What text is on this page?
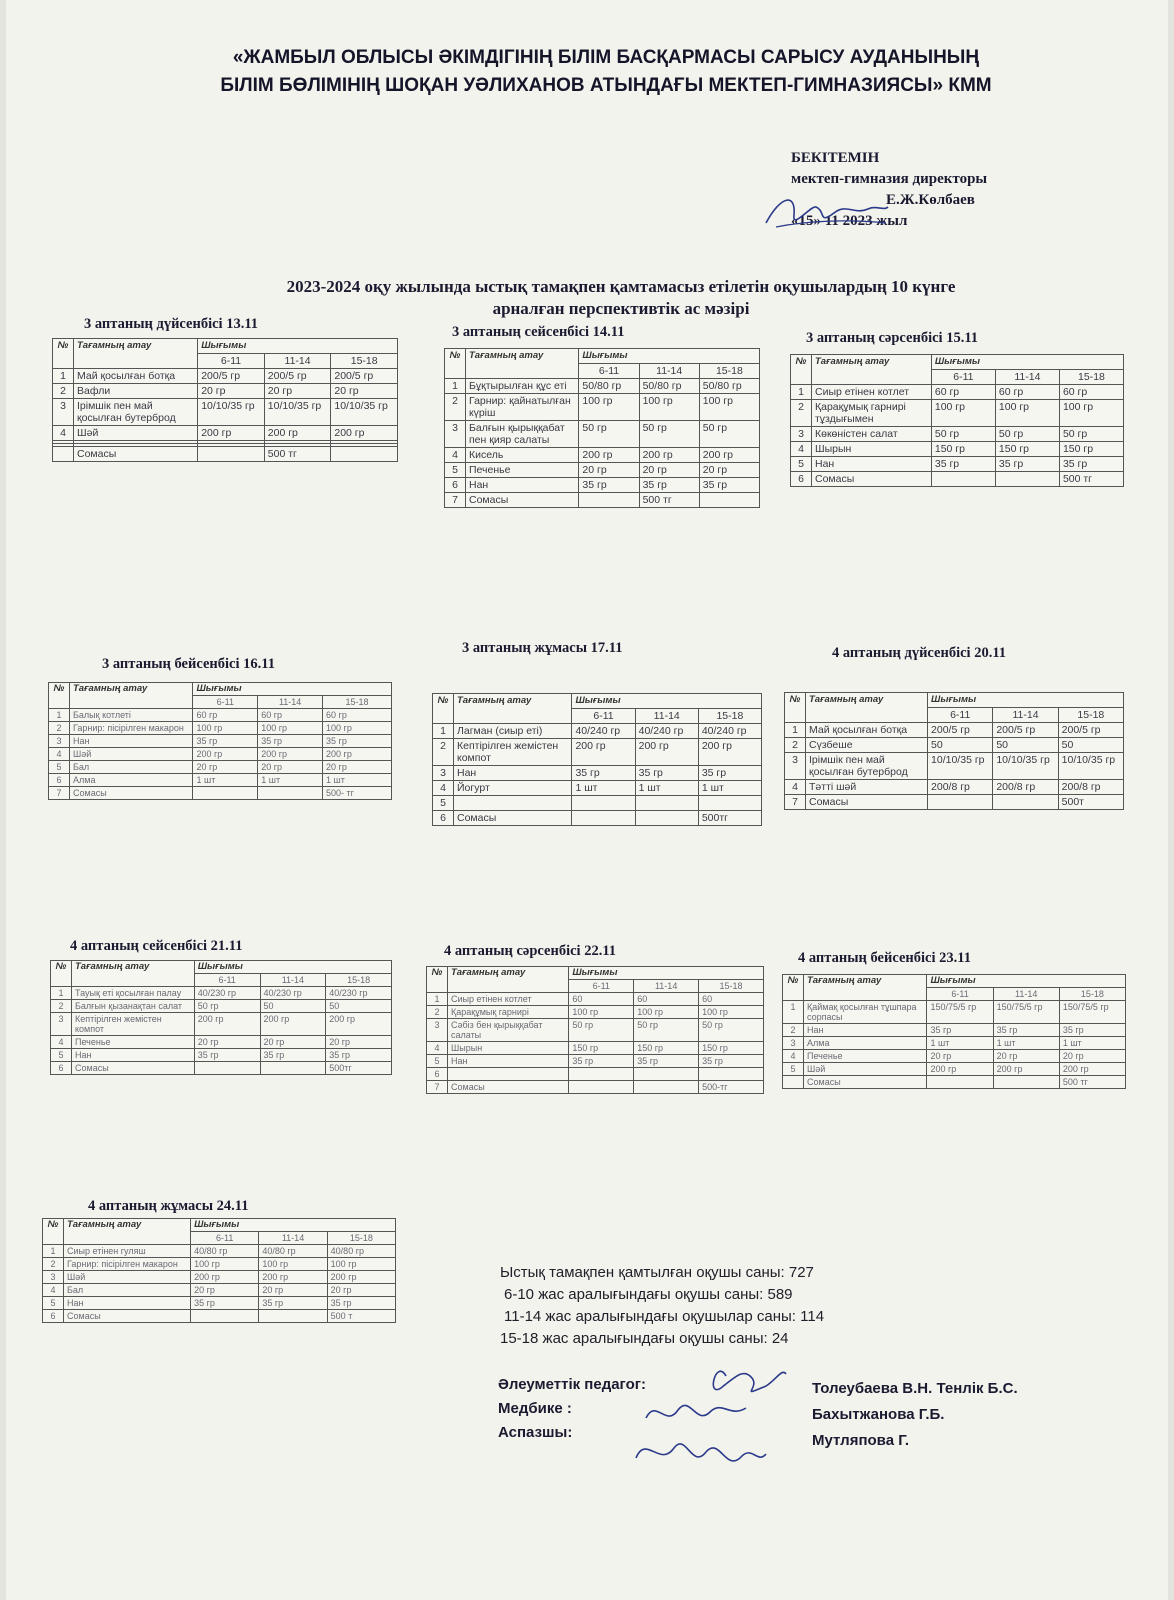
«ЖАМБЫЛ ОБЛЫСЫ ӘКІМДІГІНІҢ БІЛІМ БАСҚАРМАСЫ САРЫСУ АУДАНЫНЫҢ
БІЛІМ БӨЛІМІНІҢ ШОҚАН УӘЛИХАНОВ АТЫНДАҒЫ МЕКТЕП-ГИМНАЗИЯСЫ» КММ
БЕКІТЕМІН
мектеп-гимназия директоры
Е.Ж.Көлбаев
«15» 11 2023 жыл
2023-2024 оқу жылында ыстық тамақпен қамтамасыз етілетін оқушылардың 10 күнге
арналған перспективтік ас мәзірі
3 аптаның дүйсенбісі 13.11	3 аптаның сейсенбісі 14.11	3 аптаның сәрсенбісі 15.11
3 аптаның бейсенбісі 16.11
3 аптаның жұмасы 17.11	4 аптаның дүйсенбісі 20.11
4 аптаның сейсенбісі 21.11	4 аптаның сәрсенбісі 22.11	4 аптаның бейсенбісі 23.11
4 аптаның жұмасы 24.11
№	Тағамның атау	Шығымы		
		6-11	11-14	15-18
1	Май қосылған ботқа	200/5 гр	200/5 гр	200/5 гр
2	Вафли	20 гр	20 гр	20 гр
3	Ірімшік пен май қосылған бутерброд	10/10/35 гр	10/10/35 гр	10/10/35 гр
4	Шәй	200 гр	200 гр	200 гр

	Сомасы		500 тг	
№	Тағамның атау	Шығымы		
		6-11	11-14	15-18
1	Бұқтырылған құс еті	50/80 гр	50/80 гр	50/80 гр
2	Гарнир: қайнатылған күріш	100 гр	100 гр	100 гр
3	Балғын қырыққабат пен қияр салаты	50 гр	50 гр	50 гр
4	Кисель	200 гр	200 гр	200 гр
5	Печенье	20 гр	20 гр	20 гр
6	Нан	35 гр	35 гр	35 гр
7	Сомасы		500 тг	
№	Тағамның атау	Шығымы		
		6-11	11-14	15-18
1	Сиыр етінен котлет	60 гр	60 гр	60 гр
2	Қарақұмық гарнирі тұздығымен	100 гр	100 гр	100 гр
3	Көкөністен салат	50 гр	50 гр	50 гр
4	Шырын	150 гр	150 гр	150 гр
5	Нан	35 гр	35 гр	35 гр
6	Сомасы			500 тг
№	Тағамның атау	Шығымы		
		6-11	11-14	15-18
1	Балық котлеті	60 гр	60 гр	60 гр
2	Гарнир: пісірілген макарон	100 гр	100 гр	100 гр
3	Нан	35 гр	35 гр	35 гр
4	Шәй	200 гр	200 гр	200 гр
5	Бал	20 гр	20 гр	20 гр
6	Алма	1 шт	1 шт	1 шт
7	Сомасы			500- тг
№	Тағамның атау	Шығымы		
		6-11	11-14	15-18
1	Лагман (сиыр еті)	40/240 гр	40/240 гр	40/240 гр
2	Кептірілген жемістен компот	200 гр	200 гр	200 гр
3	Нан	35 гр	35 гр	35 гр
4	Йогурт	1 шт	1 шт	1 шт
5				
6	Сомасы			500тг
№	Тағамның атау	Шығымы		
		6-11	11-14	15-18
1	Май қосылған ботқа	200/5 гр	200/5 гр	200/5 гр
2	Сүзбеше	50	50	50
3	Ірімшік пен май қосылған бутерброд	10/10/35 гр	10/10/35 гр	10/10/35 гр
4	Тәтті шәй	200/8 гр	200/8 гр	200/8 гр
7	Сомасы			500т
№	Тағамның атау	Шығымы		
		6-11	11-14	15-18
1	Тауық еті қосылған палау	40/230 гр	40/230 гр	40/230 гр
2	Балғын қызанақтан салат	50 гр	50	50
3	Кептірілген жемістен компот	200 гр	200 гр	200 гр
4	Печенье	20 гр	20 гр	20 гр
5	Нан	35 гр	35 гр	35 гр
6	Сомасы			500тг
№	Тағамның атау	Шығымы		
		6-11	11-14	15-18
1	Сиыр етінен котлет	60	60	60
2	Қарақұмық гарнирі	100 гр	100 гр	100 гр
3	Сәбіз бен қырыққабат салаты	50 гр	50 гр	50 гр
4	Шырын	150 гр	150 гр	150 гр
5	Нан	35 гр	35 гр	35 гр
6				
7	Сомасы			500-тг
№	Тағамның атау	Шығымы		
		6-11	11-14	15-18
1	Қаймақ қосылған тұшпара сорпасы	150/75/5 гр	150/75/5 гр	150/75/5 гр
2	Нан	35 гр	35 гр	35 гр
3	Алма	1 шт	1 шт	1 шт
4	Печенье	20 гр	20 гр	20 гр
5	Шәй	200 гр	200 гр	200 гр
	Сомасы			500 тг
№	Тағамның атау	Шығымы		
		6-11	11-14	15-18
1	Сиыр етінен гуляш	40/80 гр	40/80 гр	40/80 гр
2	Гарнир: пісірілген макарон	100 гр	100 гр	100 гр
3	Шәй	200 гр	200 гр	200 гр
4	Бал	20 гр	20 гр	20 гр
5	Нан	35 гр	35 гр	35 гр
6	Сомасы			500 т
Ыстық тамақпен қамтылған оқушы саны: 727
6-10 жас аралығындағы оқушы саны: 589
11-14 жас аралығындағы оқушылар саны: 114
15-18 жас аралығындағы оқушы саны: 24
Әлеуметтік педагог:
Медбике :
Аспазшы:
Толеубаева В.Н. Тенлік Б.С.
Бахытжанова Г.Б.
Мутляпова Г.
